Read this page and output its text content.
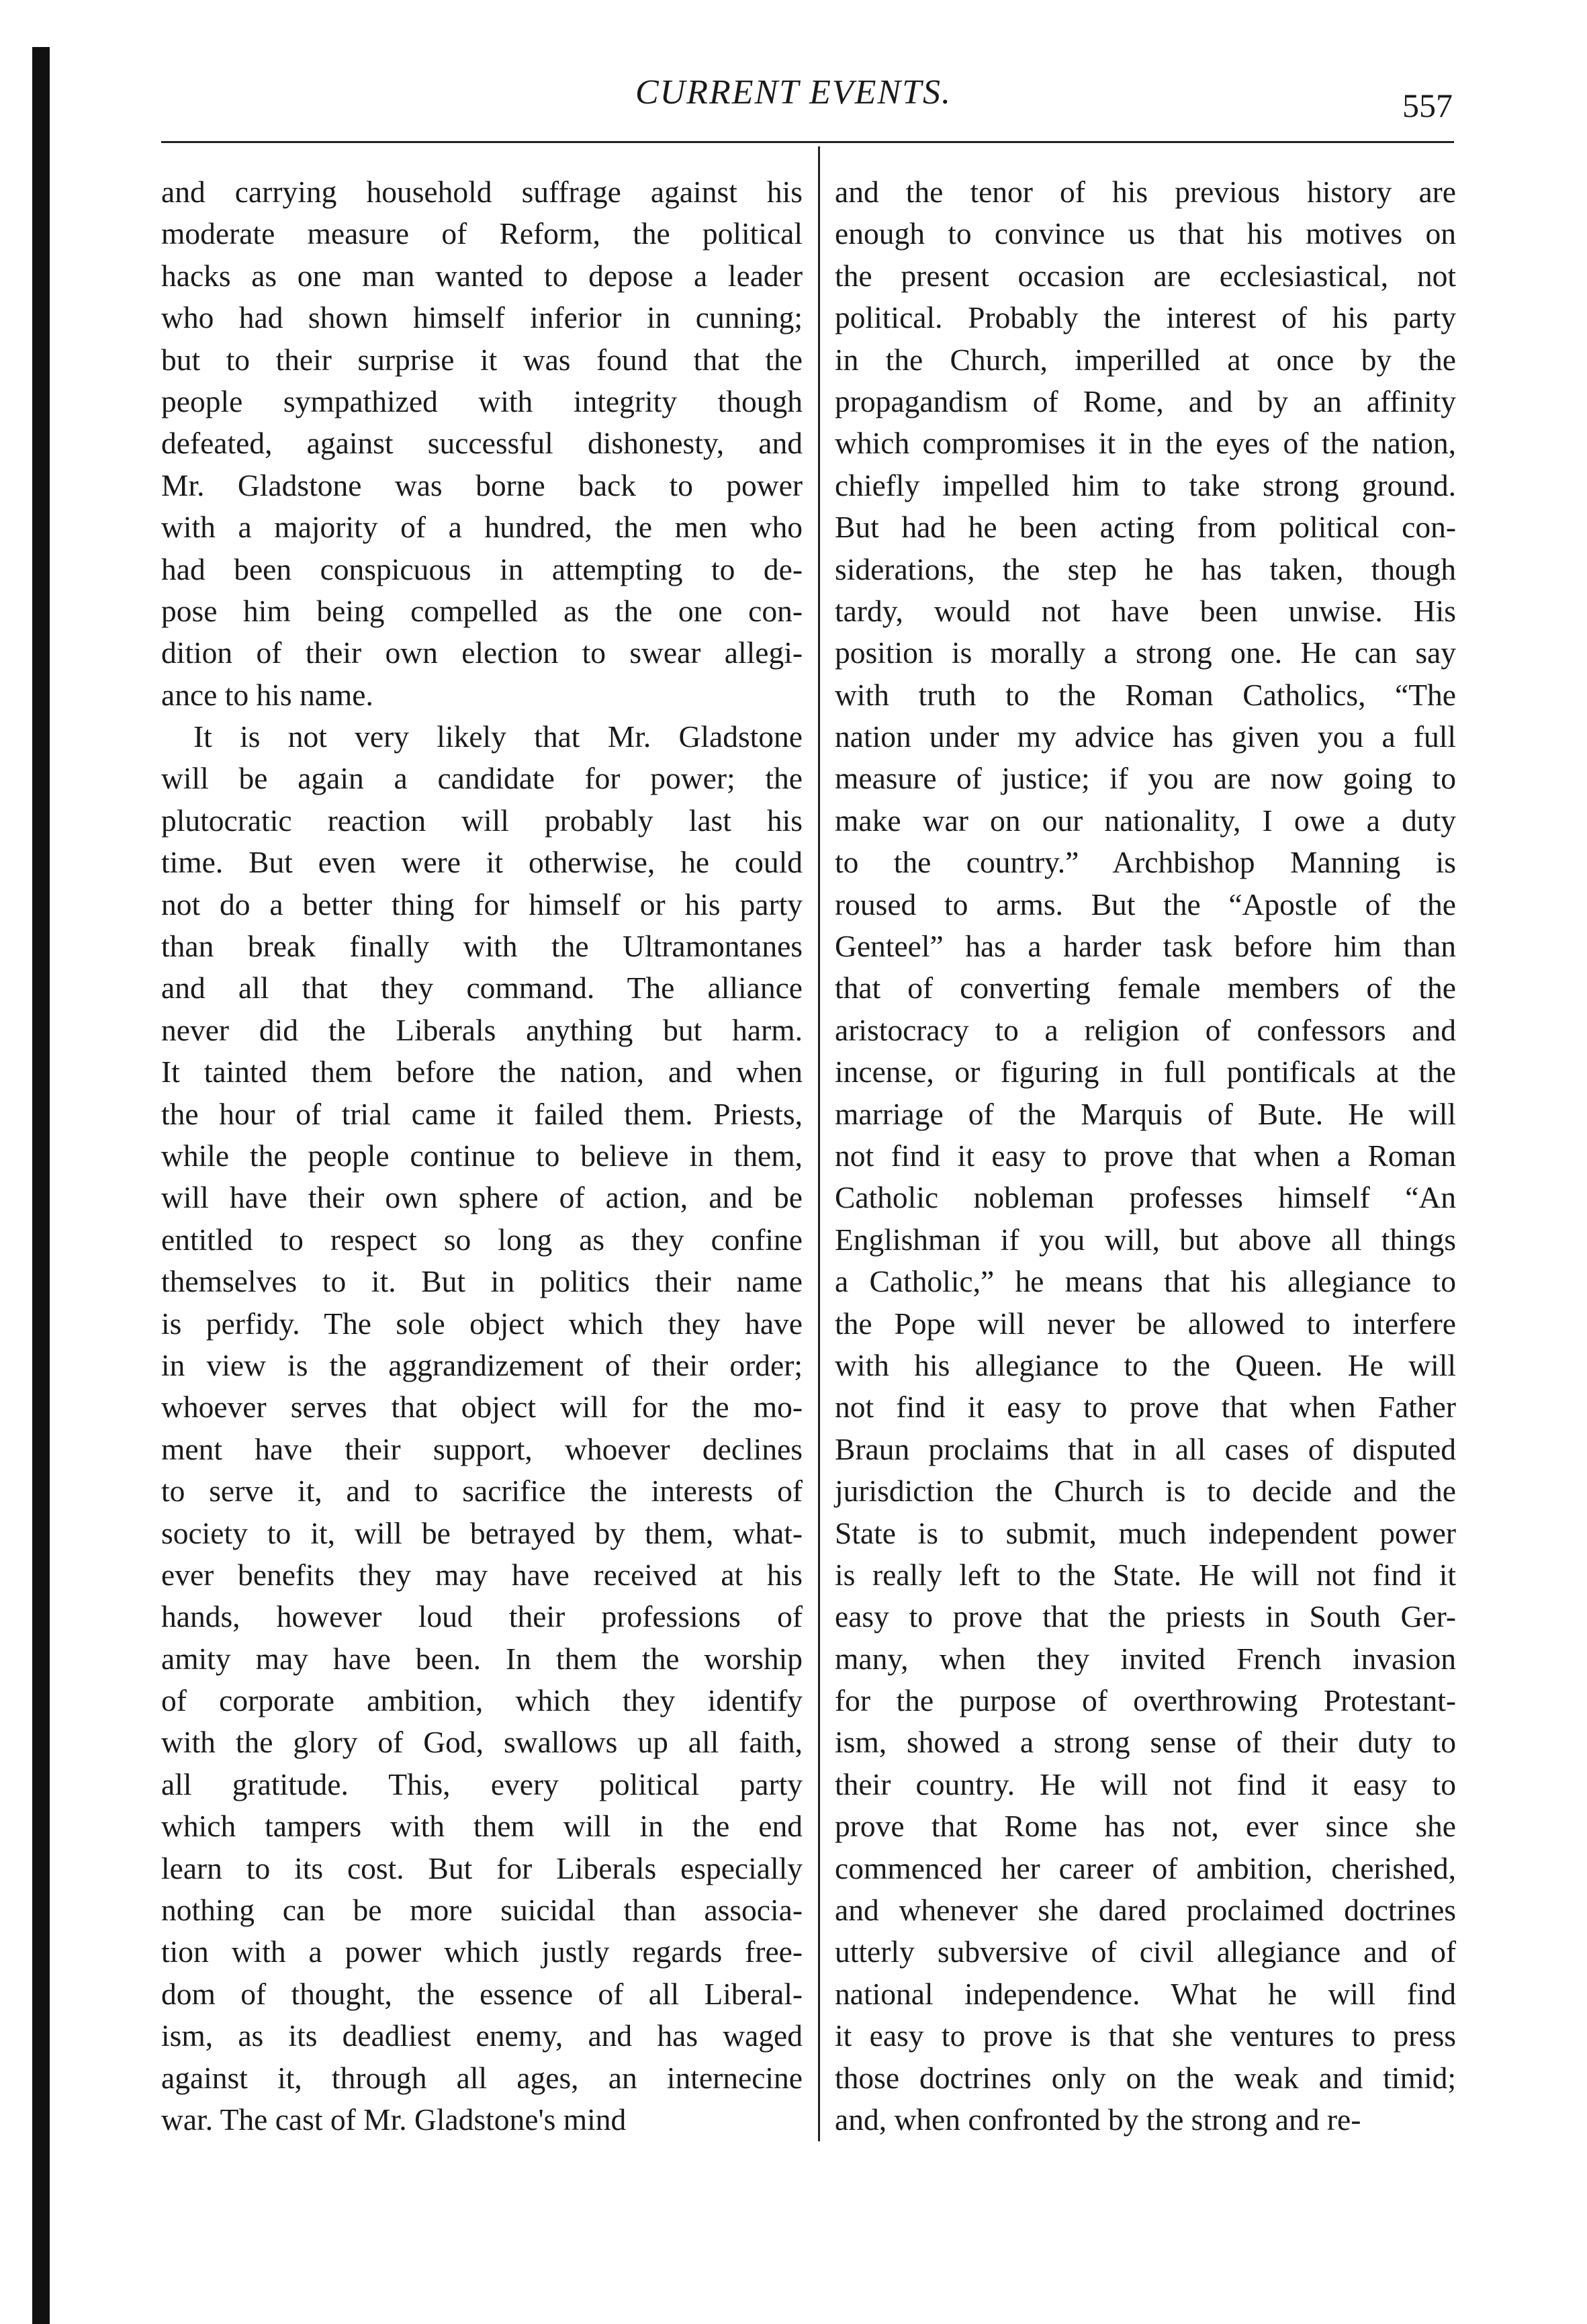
CURRENT EVENTS.	557
and carrying household suffrage against his
moderate measure of Reform, the political
hacks as one man wanted to depose a leader
who had shown himself inferior in cunning;
but to their surprise it was found that the
people sympathized with integrity though
defeated, against successful dishonesty, and
Mr. Gladstone was borne back to power
with a majority of a hundred, the men who
had been conspicuous in attempting to de-
pose him being compelled as the one con-
dition of their own election to swear allegi-
ance to his name.
It is not very likely that Mr. Gladstone
will be again a candidate for power; the
plutocratic reaction will probably last his
time. But even were it otherwise, he could
not do a better thing for himself or his party
than break finally with the Ultramontanes
and all that they command. The alliance
never did the Liberals anything but harm.
It tainted them before the nation, and when
the hour of trial came it failed them. Priests,
while the people continue to believe in them,
will have their own sphere of action, and be
entitled to respect so long as they confine
themselves to it. But in politics their name
is perfidy. The sole object which they have
in view is the aggrandizement of their order;
whoever serves that object will for the mo-
ment have their support, whoever declines
to serve it, and to sacrifice the interests of
society to it, will be betrayed by them, what-
ever benefits they may have received at his
hands, however loud their professions of
amity may have been. In them the worship
of corporate ambition, which they identify
with the glory of God, swallows up all faith,
all gratitude. This, every political party
which tampers with them will in the end
learn to its cost. But for Liberals especially
nothing can be more suicidal than associa-
tion with a power which justly regards free-
dom of thought, the essence of all Liberal-
ism, as its deadliest enemy, and has waged
against it, through all ages, an internecine
war. The cast of Mr. Gladstone's mind
and the tenor of his previous history are
enough to convince us that his motives on
the present occasion are ecclesiastical, not
political. Probably the interest of his party
in the Church, imperilled at once by the
propagandism of Rome, and by an affinity
which compromises it in the eyes of the nation,
chiefly impelled him to take strong ground.
But had he been acting from political con-
siderations, the step he has taken, though
tardy, would not have been unwise. His
position is morally a strong one. He can say
with truth to the Roman Catholics, “The
nation under my advice has given you a full
measure of justice; if you are now going to
make war on our nationality, I owe a duty
to the country.” Archbishop Manning is
roused to arms. But the “Apostle of the
Genteel” has a harder task before him than
that of converting female members of the
aristocracy to a religion of confessors and
incense, or figuring in full pontificals at the
marriage of the Marquis of Bute. He will
not find it easy to prove that when a Roman
Catholic nobleman professes himself “An
Englishman if you will, but above all things
a Catholic,” he means that his allegiance to
the Pope will never be allowed to interfere
with his allegiance to the Queen. He will
not find it easy to prove that when Father
Braun proclaims that in all cases of disputed
jurisdiction the Church is to decide and the
State is to submit, much independent power
is really left to the State. He will not find it
easy to prove that the priests in South Ger-
many, when they invited French invasion
for the purpose of overthrowing Protestant-
ism, showed a strong sense of their duty to
their country. He will not find it easy to
prove that Rome has not, ever since she
commenced her career of ambition, cherished,
and whenever she dared proclaimed doctrines
utterly subversive of civil allegiance and of
national independence. What he will find
it easy to prove is that she ventures to press
those doctrines only on the weak and timid;
and, when confronted by the strong and re-
